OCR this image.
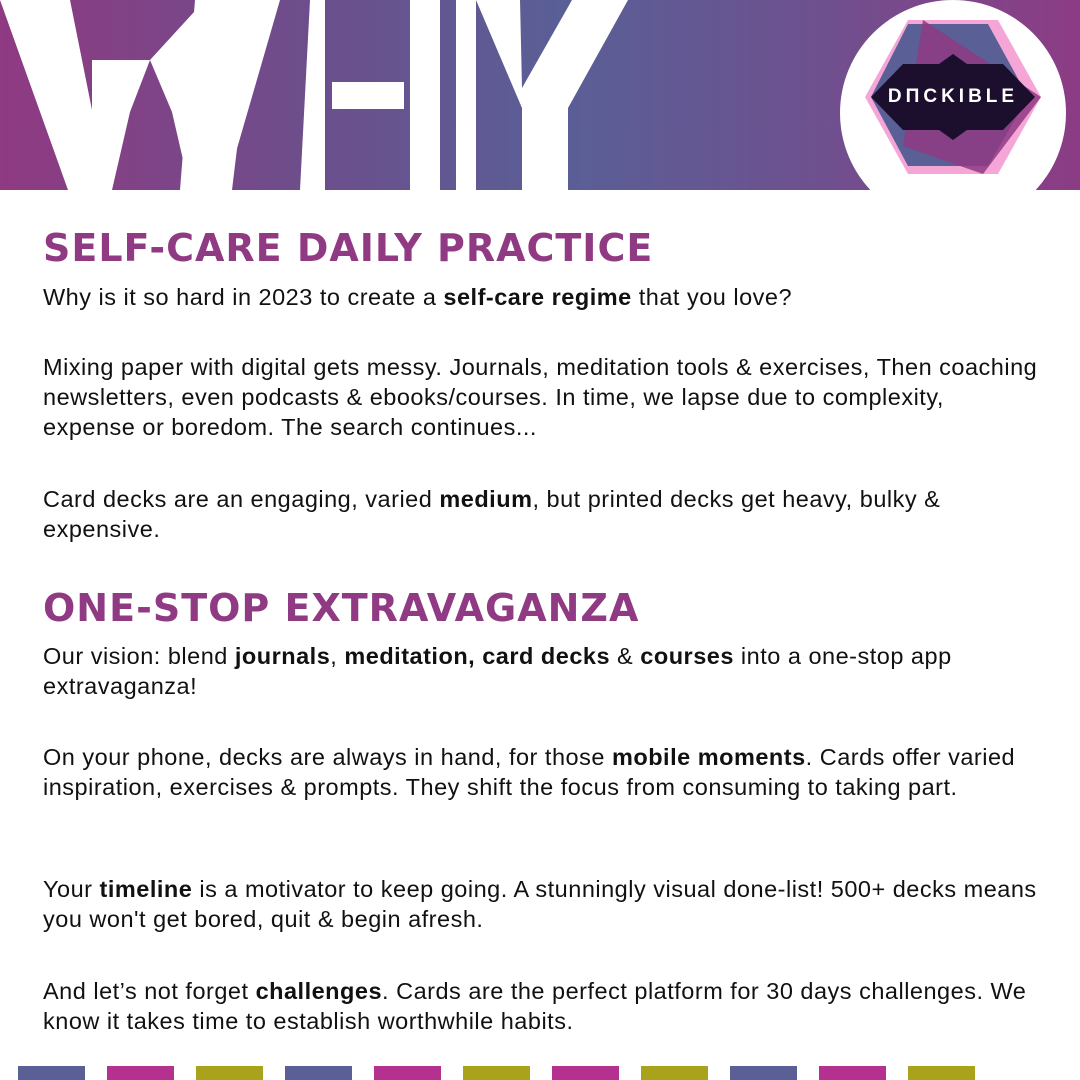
DΠCKIBLE
SELF-CARE DAILY PRACTICE

Why is it so hard in 2023 to create a self-care regime that you love?

Mixing paper with digital gets messy. Journals, meditation tools & exercises, Then coaching newsletters, even podcasts & ebooks/courses. In time, we lapse due to complexity, expense or boredom. The search continues...

Card decks are an engaging, varied medium, but printed decks get heavy, bulky & expensive.

ONE-STOP EXTRAVAGANZA

Our vision: blend journals, meditation, card decks & courses into a one-stop app extravaganza!

On your phone, decks are always in hand, for those mobile moments. Cards offer varied inspiration, exercises & prompts. They shift the focus from consuming to taking part.

Your timeline is a motivator to keep going. A stunningly visual done-list! 500+ decks means you won't get bored, quit & begin afresh.

And let’s not forget challenges. Cards are the perfect platform for 30 days challenges. We know it takes time to establish worthwhile habits.
